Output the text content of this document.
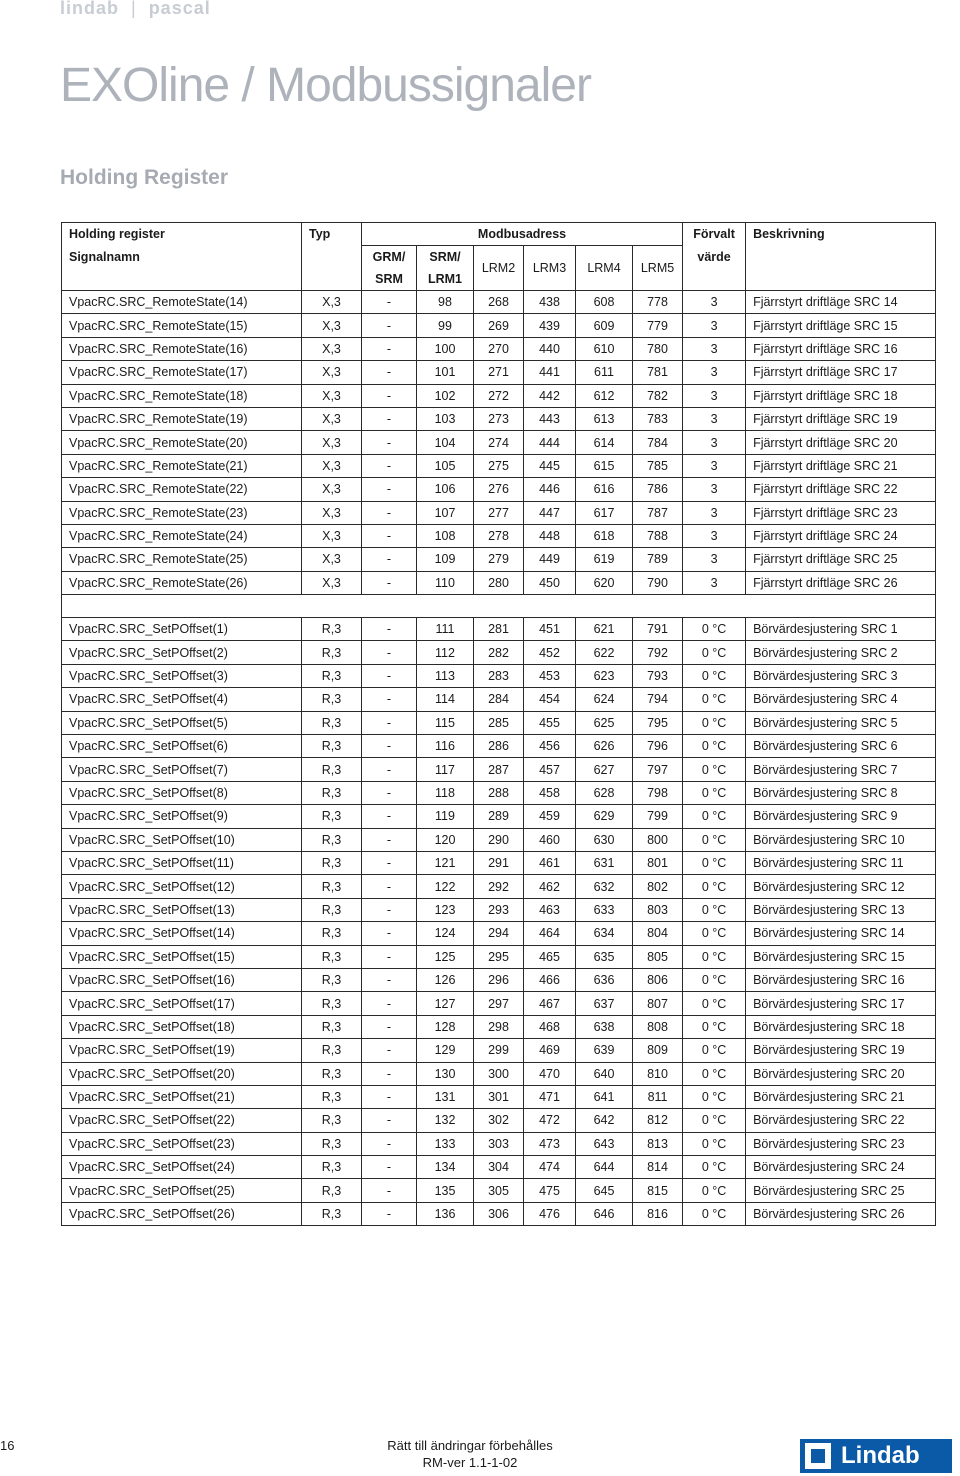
lindab | pascal
EXOline / Modbussignaler
Holding Register
Holding register	Typ	Modbusadress						Förvalt	Beskrivning
Signalnamn		GRM/	SRM/	LRM2	LRM3	LRM4	LRM5	värde	
		SRM	LRM1						
VpacRC.SRC_RemoteState(14)	X,3	-	98	268	438	608	778	3	Fjärrstyrt driftläge SRC 14
VpacRC.SRC_RemoteState(15)	X,3	-	99	269	439	609	779	3	Fjärrstyrt driftläge SRC 15
VpacRC.SRC_RemoteState(16)	X,3	-	100	270	440	610	780	3	Fjärrstyrt driftläge SRC 16
VpacRC.SRC_RemoteState(17)	X,3	-	101	271	441	611	781	3	Fjärrstyrt driftläge SRC 17
VpacRC.SRC_RemoteState(18)	X,3	-	102	272	442	612	782	3	Fjärrstyrt driftläge SRC 18
VpacRC.SRC_RemoteState(19)	X,3	-	103	273	443	613	783	3	Fjärrstyrt driftläge SRC 19
VpacRC.SRC_RemoteState(20)	X,3	-	104	274	444	614	784	3	Fjärrstyrt driftläge SRC 20
VpacRC.SRC_RemoteState(21)	X,3	-	105	275	445	615	785	3	Fjärrstyrt driftläge SRC 21
VpacRC.SRC_RemoteState(22)	X,3	-	106	276	446	616	786	3	Fjärrstyrt driftläge SRC 22
VpacRC.SRC_RemoteState(23)	X,3	-	107	277	447	617	787	3	Fjärrstyrt driftläge SRC 23
VpacRC.SRC_RemoteState(24)	X,3	-	108	278	448	618	788	3	Fjärrstyrt driftläge SRC 24
VpacRC.SRC_RemoteState(25)	X,3	-	109	279	449	619	789	3	Fjärrstyrt driftläge SRC 25
VpacRC.SRC_RemoteState(26)	X,3	-	110	280	450	620	790	3	Fjärrstyrt driftläge SRC 26

VpacRC.SRC_SetPOffset(1)	R,3	-	111	281	451	621	791	0 °C	Börvärdesjustering SRC 1
VpacRC.SRC_SetPOffset(2)	R,3	-	112	282	452	622	792	0 °C	Börvärdesjustering SRC 2
VpacRC.SRC_SetPOffset(3)	R,3	-	113	283	453	623	793	0 °C	Börvärdesjustering SRC 3
VpacRC.SRC_SetPOffset(4)	R,3	-	114	284	454	624	794	0 °C	Börvärdesjustering SRC 4
VpacRC.SRC_SetPOffset(5)	R,3	-	115	285	455	625	795	0 °C	Börvärdesjustering SRC 5
VpacRC.SRC_SetPOffset(6)	R,3	-	116	286	456	626	796	0 °C	Börvärdesjustering SRC 6
VpacRC.SRC_SetPOffset(7)	R,3	-	117	287	457	627	797	0 °C	Börvärdesjustering SRC 7
VpacRC.SRC_SetPOffset(8)	R,3	-	118	288	458	628	798	0 °C	Börvärdesjustering SRC 8
VpacRC.SRC_SetPOffset(9)	R,3	-	119	289	459	629	799	0 °C	Börvärdesjustering SRC 9
VpacRC.SRC_SetPOffset(10)	R,3	-	120	290	460	630	800	0 °C	Börvärdesjustering SRC 10
VpacRC.SRC_SetPOffset(11)	R,3	-	121	291	461	631	801	0 °C	Börvärdesjustering SRC 11
VpacRC.SRC_SetPOffset(12)	R,3	-	122	292	462	632	802	0 °C	Börvärdesjustering SRC 12
VpacRC.SRC_SetPOffset(13)	R,3	-	123	293	463	633	803	0 °C	Börvärdesjustering SRC 13
VpacRC.SRC_SetPOffset(14)	R,3	-	124	294	464	634	804	0 °C	Börvärdesjustering SRC 14
VpacRC.SRC_SetPOffset(15)	R,3	-	125	295	465	635	805	0 °C	Börvärdesjustering SRC 15
VpacRC.SRC_SetPOffset(16)	R,3	-	126	296	466	636	806	0 °C	Börvärdesjustering SRC 16
VpacRC.SRC_SetPOffset(17)	R,3	-	127	297	467	637	807	0 °C	Börvärdesjustering SRC 17
VpacRC.SRC_SetPOffset(18)	R,3	-	128	298	468	638	808	0 °C	Börvärdesjustering SRC 18
VpacRC.SRC_SetPOffset(19)	R,3	-	129	299	469	639	809	0 °C	Börvärdesjustering SRC 19
VpacRC.SRC_SetPOffset(20)	R,3	-	130	300	470	640	810	0 °C	Börvärdesjustering SRC 20
VpacRC.SRC_SetPOffset(21)	R,3	-	131	301	471	641	811	0 °C	Börvärdesjustering SRC 21
VpacRC.SRC_SetPOffset(22)	R,3	-	132	302	472	642	812	0 °C	Börvärdesjustering SRC 22
VpacRC.SRC_SetPOffset(23)	R,3	-	133	303	473	643	813	0 °C	Börvärdesjustering SRC 23
VpacRC.SRC_SetPOffset(24)	R,3	-	134	304	474	644	814	0 °C	Börvärdesjustering SRC 24
VpacRC.SRC_SetPOffset(25)	R,3	-	135	305	475	645	815	0 °C	Börvärdesjustering SRC 25
VpacRC.SRC_SetPOffset(26)	R,3	-	136	306	476	646	816	0 °C	Börvärdesjustering SRC 26
16	Rätt till ändringar förbehålles
RM-ver 1.1-1-02	Lindab
